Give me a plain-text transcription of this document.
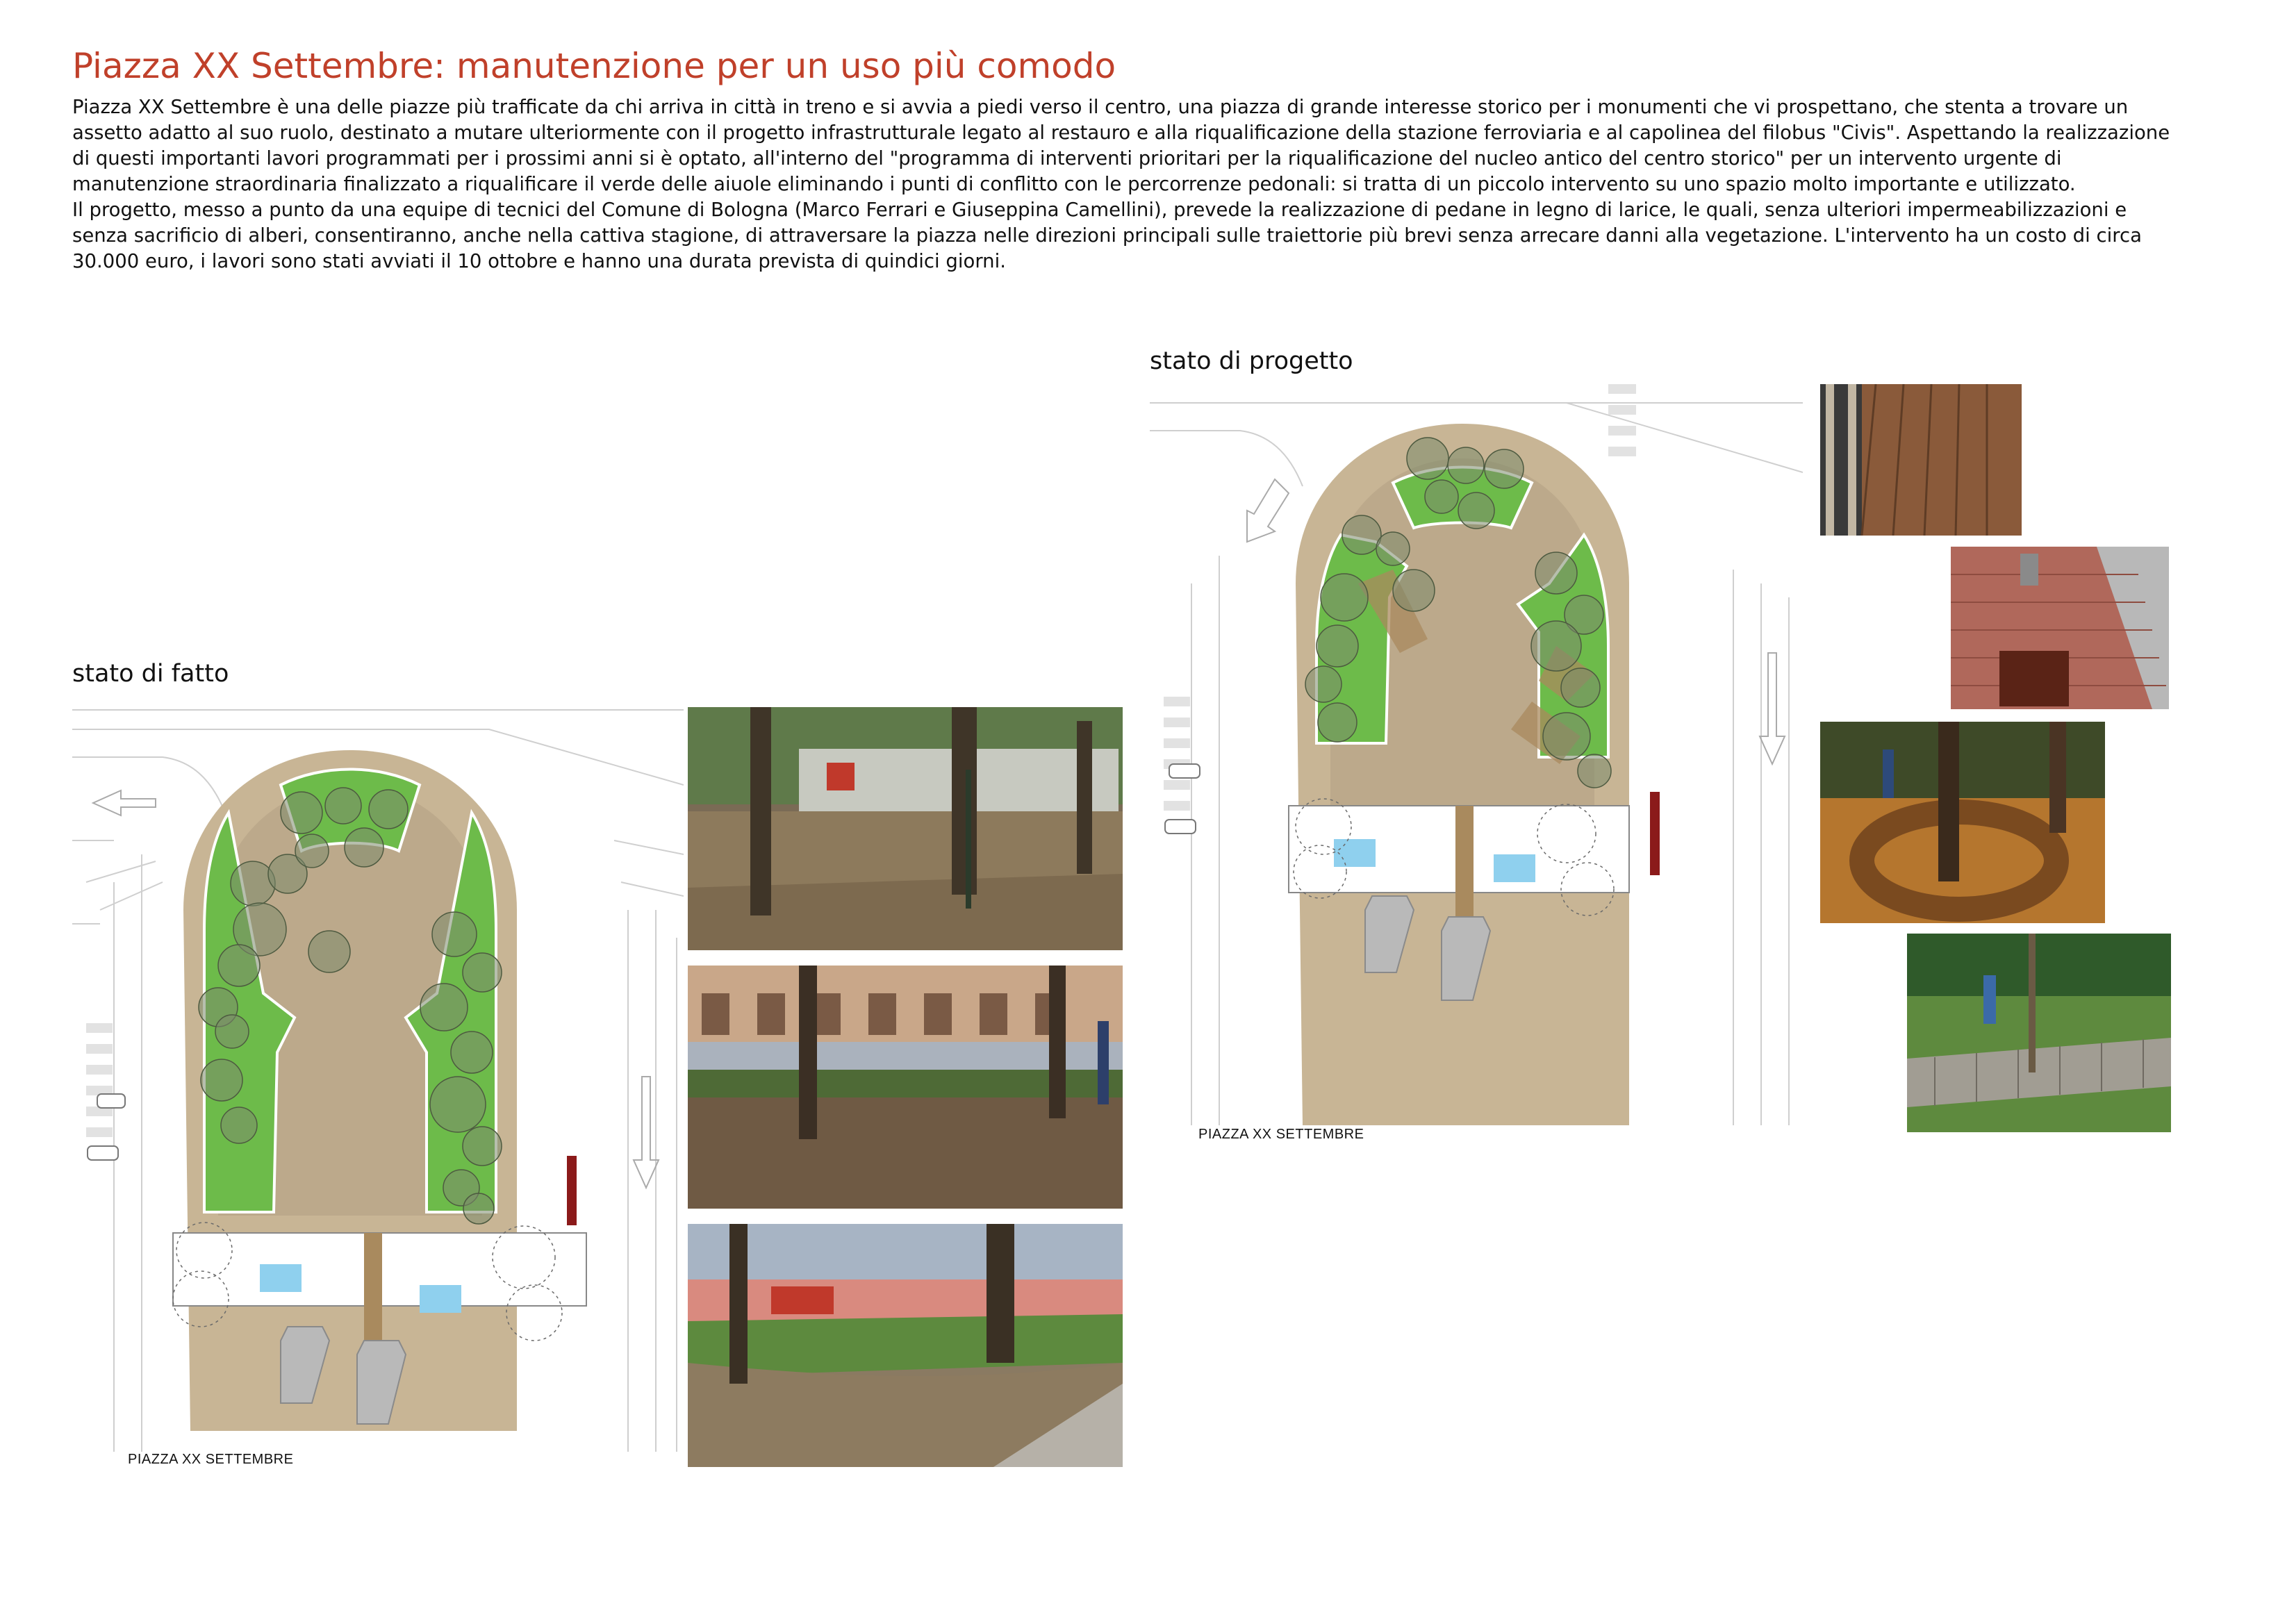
Piazza XX Settembre: manutenzione per un uso più comodo

Piazza XX Settembre è una delle piazze più trafficate da chi arriva in città in treno e si avvia a piedi verso il centro, una piazza di grande interesse storico per i monumenti che vi prospettano, che stenta a trovare un assetto adatto al suo ruolo, destinato a mutare ulteriormente con il progetto infrastrutturale legato al restauro e alla riqualificazione della stazione ferroviaria e al capolinea del filobus "Civis". Aspettando la realizzazione di questi importanti lavori programmati per i prossimi anni si è optato, all'interno del "programma di interventi prioritari per la riqualificazione del nucleo antico del centro storico" per un intervento urgente di manutenzione straordinaria finalizzato a riqualificare il verde delle aiuole eliminando i punti di conflitto con le percorrenze pedonali: si tratta di un piccolo intervento su uno spazio molto importante e utilizzato.

Il progetto, messo a punto da una equipe di tecnici del Comune di Bologna (Marco Ferrari e Giuseppina Camellini), prevede la realizzazione di pedane in legno di larice, le quali, senza ulteriori impermeabilizzazioni e senza sacrificio di alberi, consentiranno, anche nella cattiva stagione, di attraversare la piazza nelle direzioni principali sulle traiettorie più brevi senza arrecare danni alla vegetazione. L'intervento ha un costo di circa 30.000 euro, i lavori sono stati avviati il 10 ottobre e hanno una durata prevista di quindici giorni.

stato di fatto
PIAZZA XX SETTEMBRE
stato di progetto
PIAZZA XX SETTEMBRE
